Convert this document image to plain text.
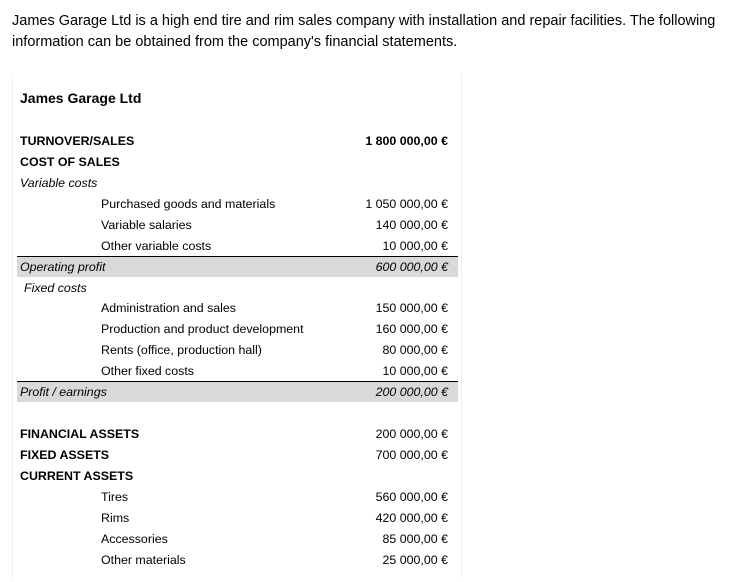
James Garage Ltd is a high end tire and rim sales company with installation and repair facilities. The following information can be obtained from the company's financial statements.
James Garage Ltd
TURNOVER/SALES	1 800 000,00 €
COST OF SALES
Variable costs
Purchased goods and materials	1 050 000,00 €
Variable salaries	140 000,00 €
Other variable costs	10 000,00 €
Operating profit	600 000,00 €
Fixed costs
Administration and sales	150 000,00 €
Production and product development	160 000,00 €
Rents (office, production hall)	80 000,00 €
Other fixed costs	10 000,00 €
Profit / earnings	200 000,00 €
FINANCIAL ASSETS	200 000,00 €
FIXED ASSETS	700 000,00 €
CURRENT ASSETS
Tires	560 000,00 €
Rims	420 000,00 €
Accessories	85 000,00 €
Other materials	25 000,00 €
